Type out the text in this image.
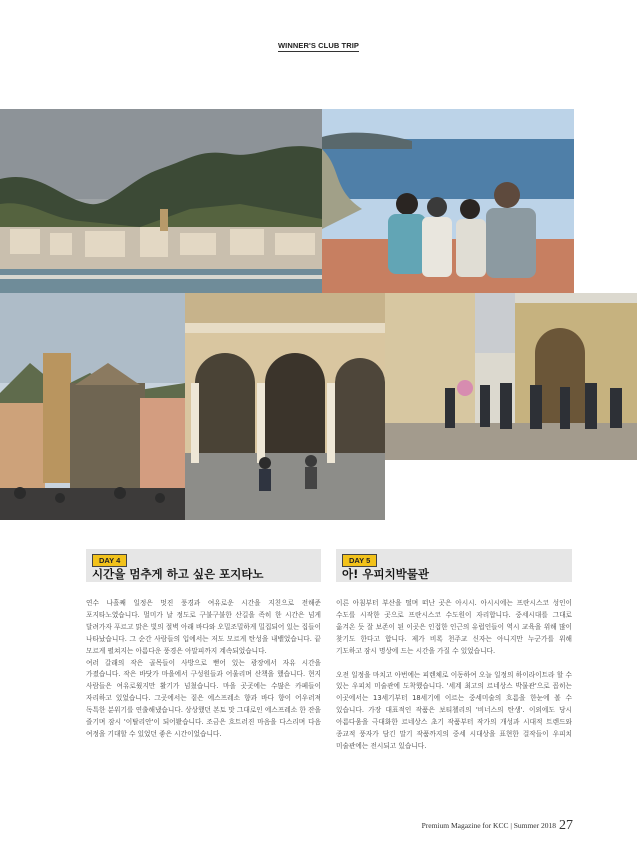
WINNER'S CLUB TRIP
DAY 4
시간을 멈추게 하고 싶은 포지타노

연수 나흘째 일정은 멋진 풍경과 여유로운 시간을 지친으로 전해준 포지타노였습니다. 멀미가 날 정도로 구불구불한 산길을 족히 한 시간은 넘게 달려가자 푸르고 맑은 빛의 절벽 아래 바다와 오밀조밀하게 밀집되어 있는 집들이 나타났습니다. 그 순간 사람들의 입에서는 저도 모르게 탄성을 내뱉었습니다. 끝 모르게 펼쳐지는 아름다운 풍경은 아말피까지 계속되었습니다.

여러 갈래의 작은 골목들이 사방으로 뻗어 있는 광장에서 자유 시간을 가졌습니다. 작은 바닷가 마을에서 구성원들과 어울리며 산책을 했습니다. 현지 사람들은 여유로웠지만 활기가 넘쳤습니다. 마을 곳곳에는 수많은 카페들이 자리하고 있었습니다. 그곳에서는 짙은 에스프레소 향과 바다 향이 어우러져 독특한 분위기를 연출해냈습니다. 상상했던 본토 맛 그대로인 에스프레소 한 잔을 즐기며 잠시 '이탈리안'이 되어봤습니다. 조금은 흐트러진 마음을 다스리며 다음 여정을 기대할 수 있었던 좋은 시간이었습니다.

DAY 5
아! 우피치박물관

이른 아침부터 부산을 떨며 떠난 곳은 아시시. 아시시에는 프란시스코 성인이 수도를 시작한 곳으로 프란시스코 수도원이 자리합니다. 중세시대를 그대로 옮겨온 듯 잘 보존이 된 이곳은 인접한 인근의 유럽인들이 역시 교육을 위해 많이 찾기도 한다고 합니다. 제가 비록 천주교 신자는 아니지만 누군가를 위해 기도하고 잠시 명상에 드는 시간을 가질 수 있었습니다.

오전 일정을 마치고 아번에는 피렌체로 이동하여 오늘 일정의 하이라이트라 할 수 있는 우피치 미술관에 도착했습니다. '세계 최고의 르네상스 박물관'으로 꼽히는 이곳에서는 13세기부터 18세기에 이르는 중세미술의 흐름을 한눈에 볼 수 있습니다. 가장 대표적인 작품은 보티첼리의 '비너스의 탄생'. 이외에도 당시 아름다움을 극대화한 르네상스 초기 작품부터 작가의 개성과 시대적 트렌드와 종교적 풍자가 담긴 말기 작품까지의 중세 시대상을 표현한 걸작들이 우피치 미술관에는 전시되고 있습니다.

Premium Magazine for KCC | Summer 2018 27
